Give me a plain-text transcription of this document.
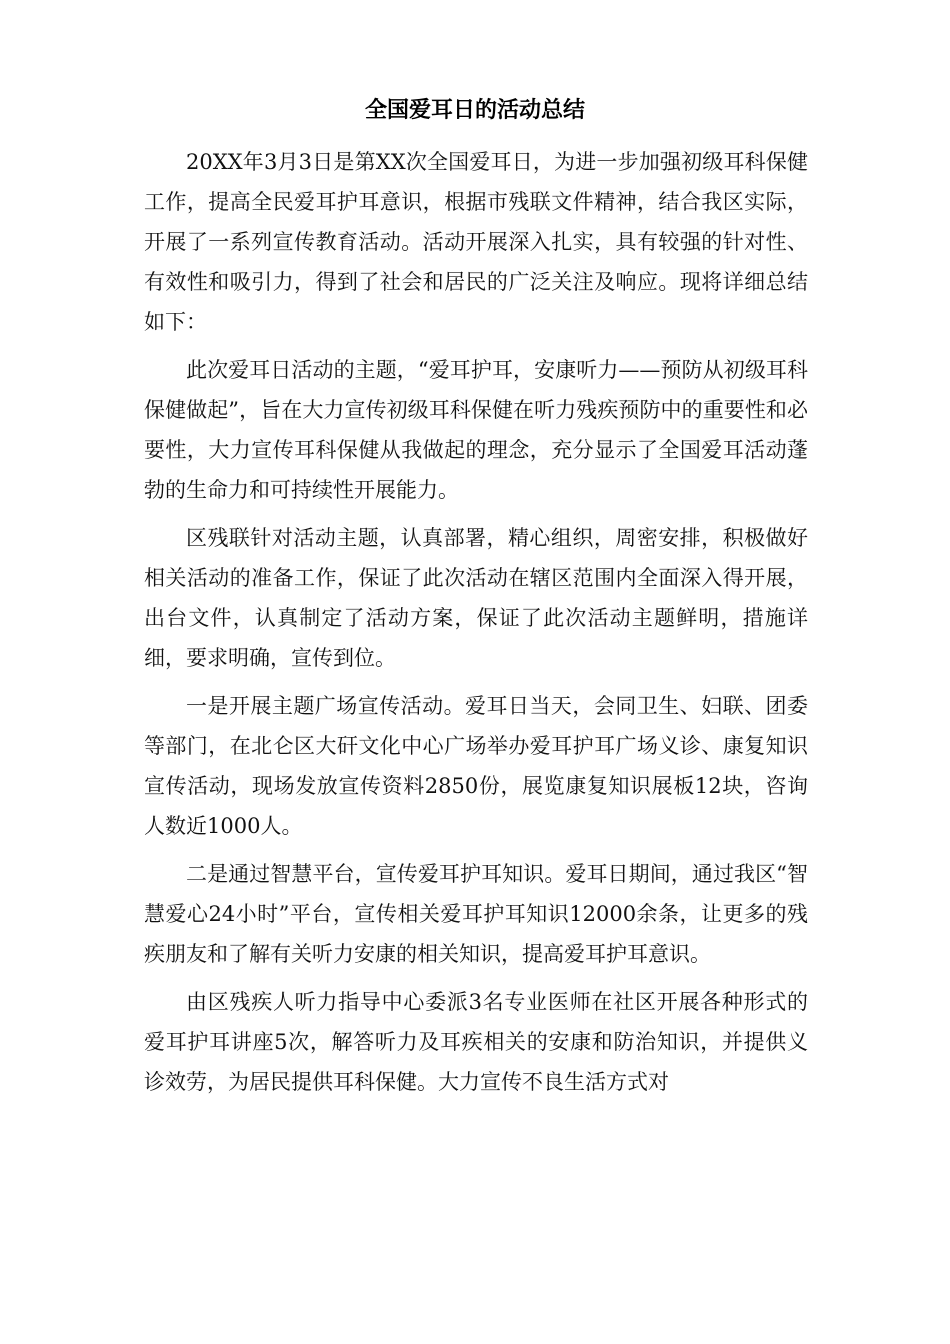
全国爱耳日的活动总结

20XX年3月3日是第XX次全国爱耳日，为进一步加强初级耳科保健工作，提高全民爱耳护耳意识，根据市残联文件精神，结合我区实际，开展了一系列宣传教育活动。活动开展深入扎实，具有较强的针对性、有效性和吸引力，得到了社会和居民的广泛关注及响应。现将详细总结如下：

此次爱耳日活动的主题，“爱耳护耳，安康听力——预防从初级耳科保健做起”，旨在大力宣传初级耳科保健在听力残疾预防中的重要性和必要性，大力宣传耳科保健从我做起的理念，充分显示了全国爱耳活动蓬勃的生命力和可持续性开展能力。

区残联针对活动主题，认真部署，精心组织，周密安排，积极做好相关活动的准备工作，保证了此次活动在辖区范围内全面深入得开展，出台文件，认真制定了活动方案，保证了此次活动主题鲜明，措施详细，要求明确，宣传到位。

一是开展主题广场宣传活动。爱耳日当天，会同卫生、妇联、团委等部门，在北仑区大矸文化中心广场举办爱耳护耳广场义诊、康复知识宣传活动，现场发放宣传资料2850份，展览康复知识展板12块，咨询人数近1000人。

二是通过智慧平台，宣传爱耳护耳知识。爱耳日期间，通过我区“智慧爱心24小时”平台，宣传相关爱耳护耳知识12000余条，让更多的残疾朋友和了解有关听力安康的相关知识，提高爱耳护耳意识。

由区残疾人听力指导中心委派3名专业医师在社区开展各种形式的爱耳护耳讲座5次，解答听力及耳疾相关的安康和防治知识，并提供义诊效劳，为居民提供耳科保健。大力宣传不良生活方式对
